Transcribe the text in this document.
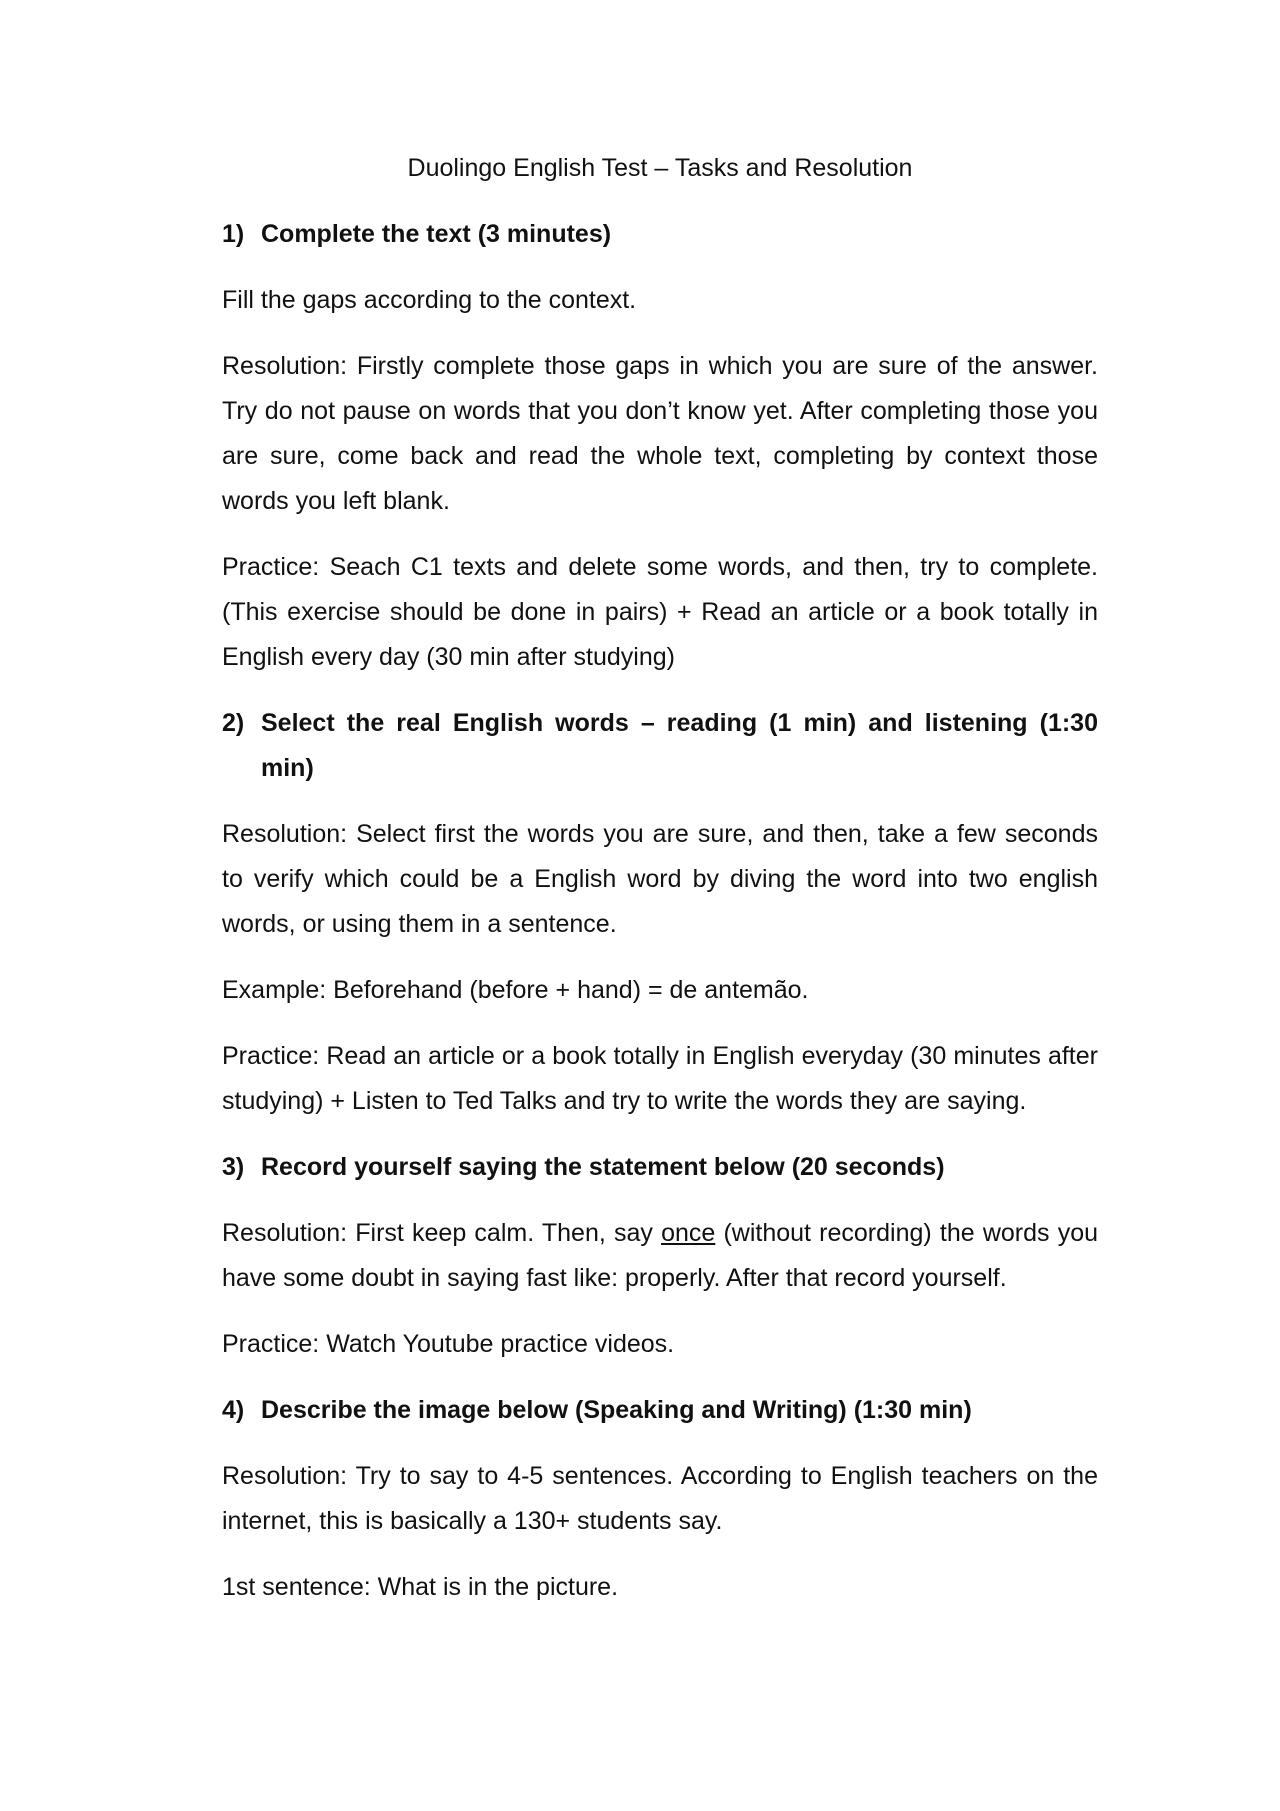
Duolingo English Test – Tasks and Resolution
1) Complete the text (3 minutes)

Fill the gaps according to the context.

Resolution: Firstly complete those gaps in which you are sure of the answer. Try do not pause on words that you don’t know yet. After completing those you are sure, come back and read the whole text, completing by context those words you left blank.

Practice: Seach C1 texts and delete some words, and then, try to complete. (This exercise should be done in pairs) + Read an article or a book totally in English every day (30 min after studying)

2) Select the real English words – reading (1 min) and listening (1:30 min)

Resolution: Select first the words you are sure, and then, take a few seconds to verify which could be a English word by diving the word into two english words, or using them in a sentence.

Example: Beforehand (before + hand) = de antemão.

Practice: Read an article or a book totally in English everyday (30 minutes after studying) + Listen to Ted Talks and try to write the words they are saying.

3) Record yourself saying the statement below (20 seconds)

Resolution: First keep calm. Then, say once (without recording) the words you have some doubt in saying fast like: properly. After that record yourself.

Practice: Watch Youtube practice videos.

4) Describe the image below (Speaking and Writing) (1:30 min)

Resolution: Try to say to 4-5 sentences. According to English teachers on the internet, this is basically a 130+ students say.

1st sentence: What is in the picture.
